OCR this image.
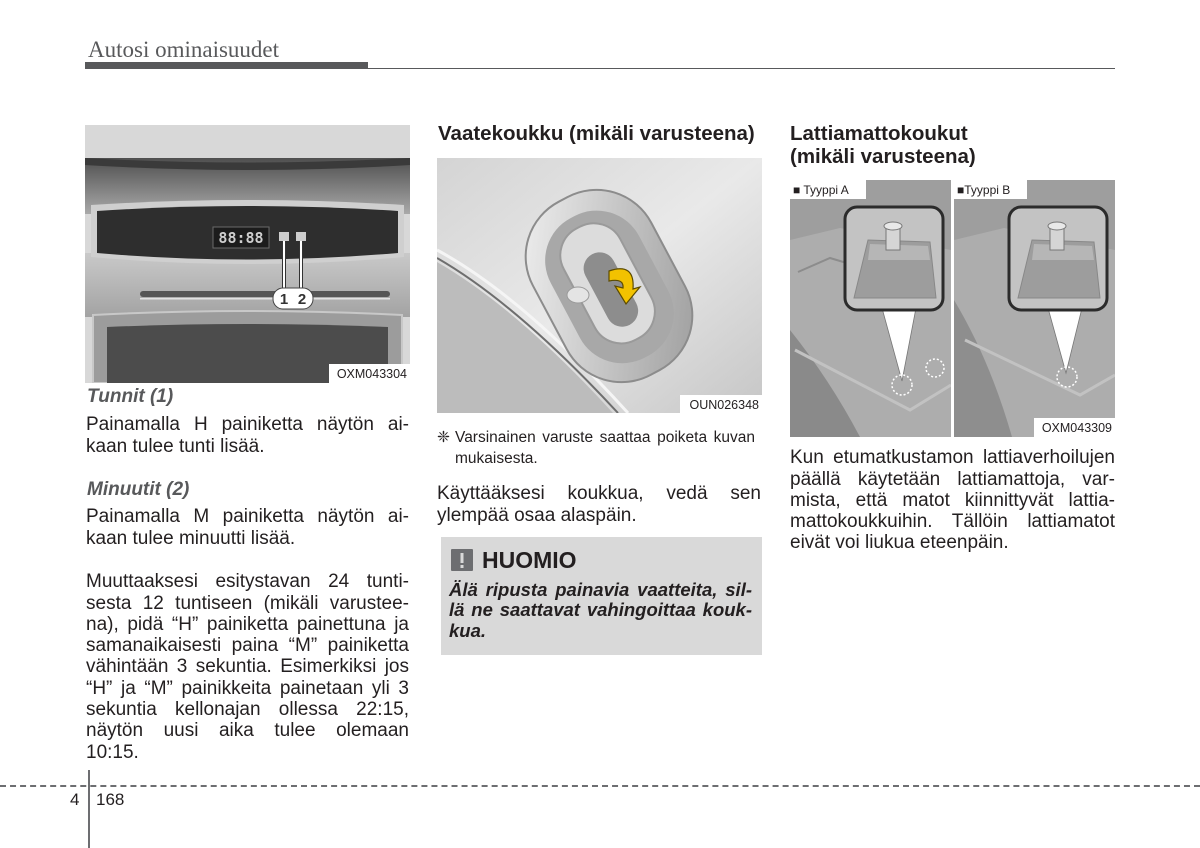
Autosi ominaisuudet
88:88
1 2
OXM043304
Tunnit (1)
Painamalla H painiketta näytön ai-
kaan tulee tunti lisää.
Minuutit (2)
Painamalla M painiketta näytön ai-
kaan tulee minuutti lisää.
Muuttaaksesi esitystavan 24 tunti-
sesta 12 tuntiseen (mikäli varustee-
na), pidä “H” painiketta painettuna ja
samanaikaisesti paina “M” painiketta
vähintään 3 sekuntia. Esimerkiksi jos
“H” ja “M” painikkeita painetaan yli 3
sekuntia kellonajan ollessa 22:15,
näytön uusi aika tulee olemaan
10:15.
Vaatekoukku (mikäli varusteena)
OUN026348
❈ Varsinainen varuste saattaa poiketa kuvan
mukaisesta.
Käyttääksesi koukkua, vedä sen
ylempää osaa alaspäin.
HUOMIO
Älä ripusta painavia vaatteita, sil-
lä ne saattavat vahingoittaa kouk-
kua.
Lattiamattokoukut
(mikäli varusteena)
■ Tyyppi A	■Tyyppi B
OXM043309
Kun etumatkustamon lattiaverhoilujen
päällä käytetään lattiamattoja, var-
mista, että matot kiinnittyvät lattia-
mattokoukkuihin. Tällöin lattiamatot
eivät voi liukua eteenpäin.
4 168
